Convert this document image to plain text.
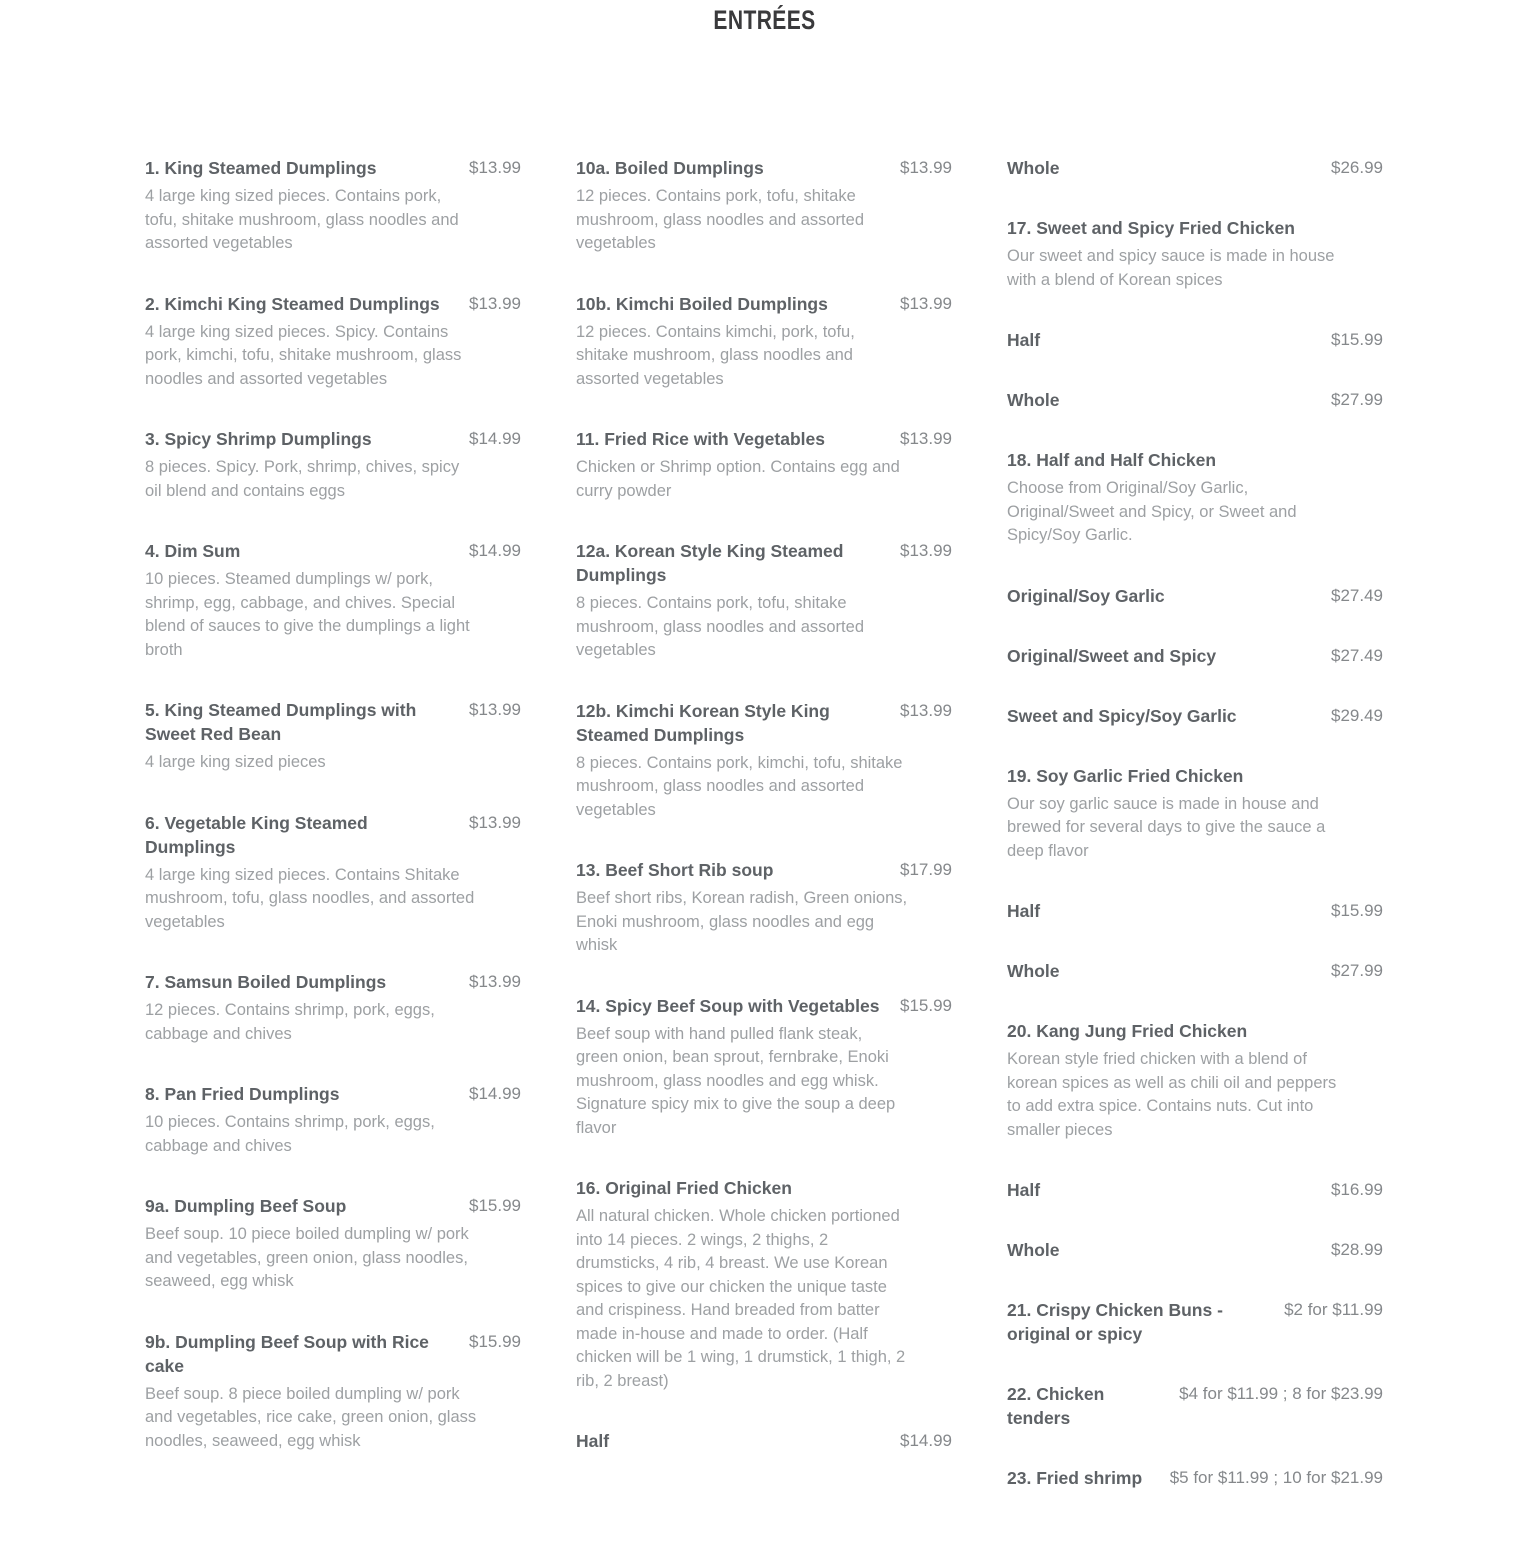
ENTRÉES
1. King Steamed Dumplings	$13.99

4 large king sized pieces. Contains pork, tofu, shitake mushroom, glass noodles and assorted vegetables

2. Kimchi King Steamed Dumplings $13.99

4 large king sized pieces. Spicy. Contains pork, kimchi, tofu, shitake mushroom, glass noodles and assorted vegetables

3. Spicy Shrimp Dumplings	$14.99

8 pieces. Spicy. Pork, shrimp, chives, spicy oil blend and contains eggs

4. Dim Sum	$14.99

10 pieces. Steamed dumplings w/ pork, shrimp, egg, cabbage, and chives. Special blend of sauces to give the dumplings a light broth

5. King Steamed Dumplings with Sweet Red Bean
$13.99

4 large king sized pieces

6. Vegetable King Steamed Dumplings
$13.99

4 large king sized pieces. Contains Shitake mushroom, tofu, glass noodles, and assorted vegetables

7. Samsun Boiled Dumplings	$13.99

12 pieces. Contains shrimp, pork, eggs, cabbage and chives

8. Pan Fried Dumplings	$14.99

10 pieces. Contains shrimp, pork, eggs, cabbage and chives

9a. Dumpling Beef Soup	$15.99

Beef soup. 10 piece boiled dumpling w/ pork and vegetables, green onion, glass noodles, seaweed, egg whisk

9b. Dumpling Beef Soup with Rice cake
$15.99

Beef soup. 8 piece boiled dumpling w/ pork and vegetables, rice cake, green onion, glass noodles, seaweed, egg whisk

10a. Boiled Dumplings	$13.99

12 pieces. Contains pork, tofu, shitake mushroom, glass noodles and assorted vegetables

10b. Kimchi Boiled Dumplings	$13.99

12 pieces. Contains kimchi, pork, tofu, shitake mushroom, glass noodles and assorted vegetables

11. Fried Rice with Vegetables	$13.99

Chicken or Shrimp option. Contains egg and curry powder

12a. Korean Style King Steamed Dumplings
$13.99

8 pieces. Contains pork, tofu, shitake mushroom, glass noodles and assorted vegetables

12b. Kimchi Korean Style King Steamed Dumplings
$13.99

8 pieces. Contains pork, kimchi, tofu, shitake mushroom, glass noodles and assorted vegetables

13. Beef Short Rib soup	$17.99

Beef short ribs, Korean radish, Green onions, Enoki mushroom, glass noodles and egg whisk

14. Spicy Beef Soup with Vegetables $15.99

Beef soup with hand pulled flank steak, green onion, bean sprout, fernbrake, Enoki mushroom, glass noodles and egg whisk. Signature spicy mix to give the soup a deep flavor

16. Original Fried Chicken

All natural chicken. Whole chicken portioned into 14 pieces. 2 wings, 2 thighs, 2 drumsticks, 4 rib, 4 breast. We use Korean spices to give our chicken the unique taste and crispiness. Hand breaded from batter made in-house and made to order. (Half chicken will be 1 wing, 1 drumstick, 1 thigh, 2 rib, 2 breast)

Half	$14.99
Whole	$26.99
17. Sweet and Spicy Fried Chicken

Our sweet and spicy sauce is made in house with a blend of Korean spices

Half	$15.99
Whole	$27.99
18. Half and Half Chicken

Choose from Original/Soy Garlic, Original/Sweet and Spicy, or Sweet and Spicy/Soy Garlic.

Original/Soy Garlic	$27.49
Original/Sweet and Spicy	$27.49
Sweet and Spicy/Soy Garlic	$29.49
19. Soy Garlic Fried Chicken

Our soy garlic sauce is made in house and brewed for several days to give the sauce a deep flavor

Half	$15.99
Whole	$27.99
20. Kang Jung Fried Chicken

Korean style fried chicken with a blend of korean spices as well as chili oil and peppers to add extra spice. Contains nuts. Cut into smaller pieces

Half	$16.99
Whole	$28.99
21. Crispy Chicken Buns - original or spicy
$2 for $11.99
22. Chicken tenders
$4 for $11.99 ; 8 for $23.99
23. Fried shrimp $5 for $11.99 ; 10 for $21.99
